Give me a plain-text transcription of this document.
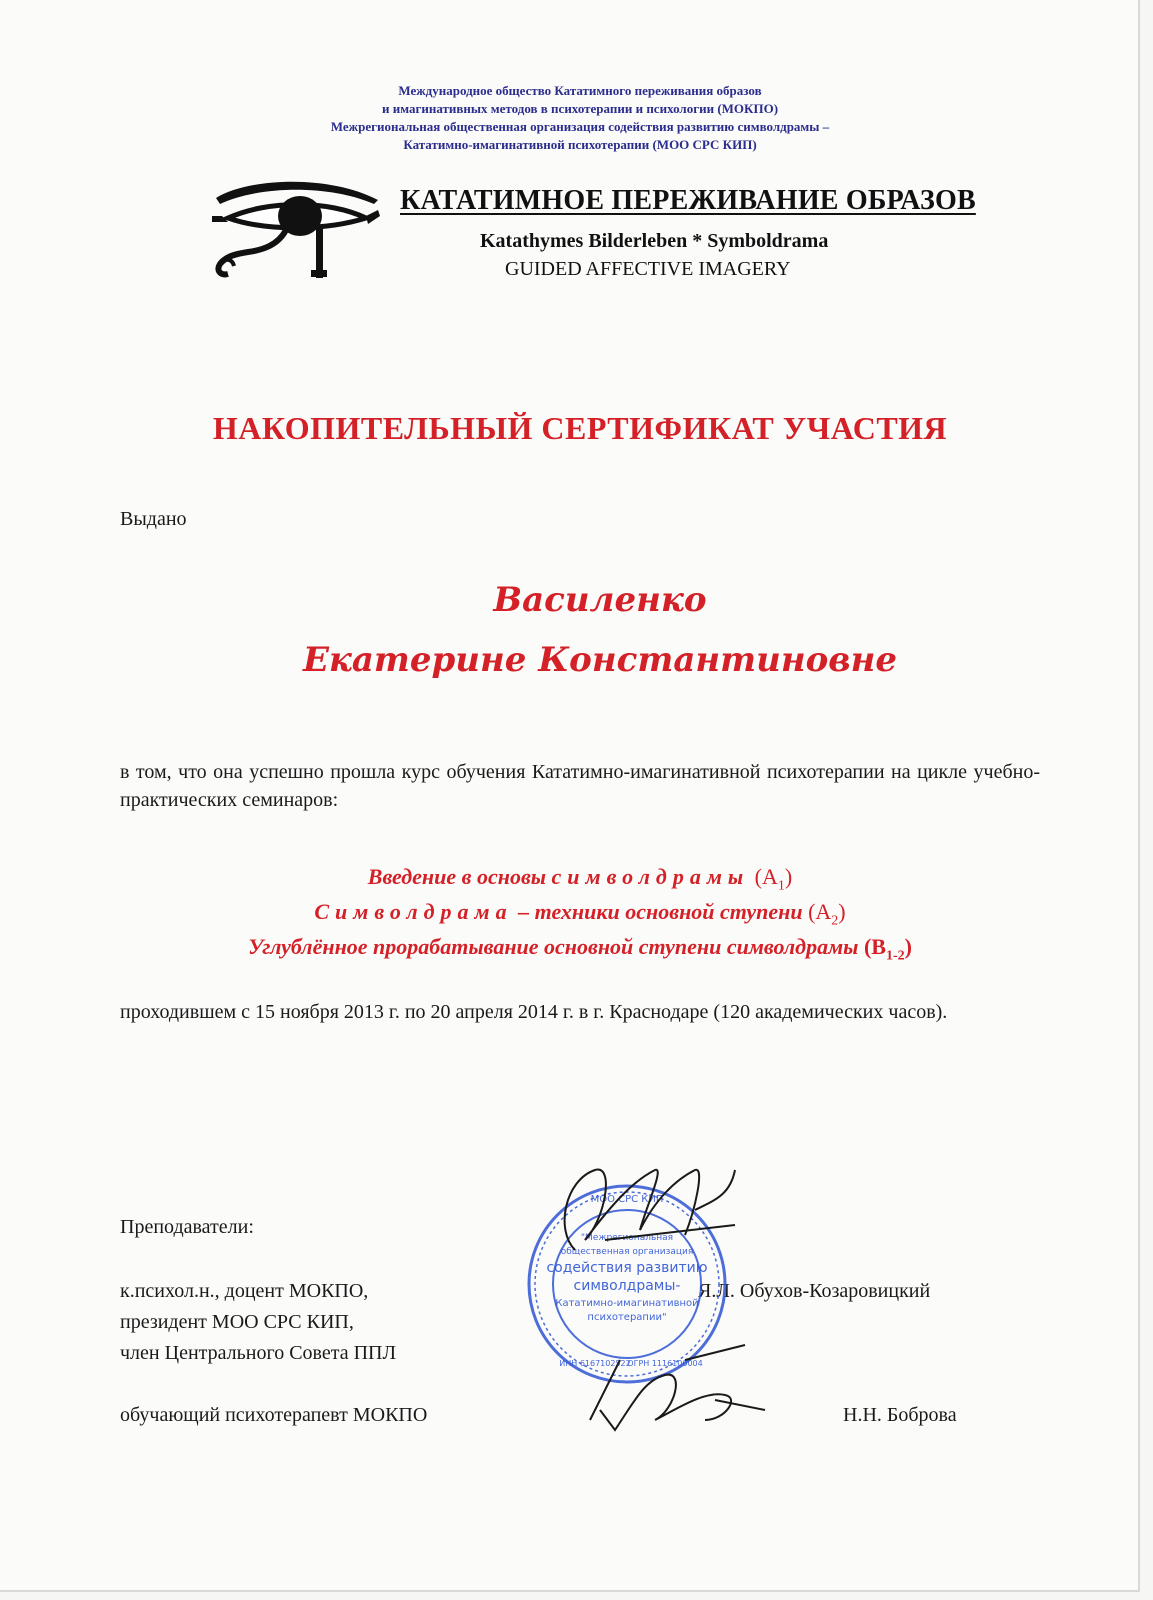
Международное общество Кататимного переживания образов
и имагинативных методов в психотерапии и психологии (МОКПО)
Межрегиональная общественная организация содействия развитию символдрамы –
Кататимно-имагинативной психотерапии (МОО СРС КИП)
КАТАТИМНОЕ ПЕРЕЖИВАНИЕ ОБРАЗОВ
Katathymes Bilderleben * Symboldrama
GUIDED AFFECTIVE IMAGERY
НАКОПИТЕЛЬНЫЙ СЕРТИФИКАТ УЧАСТИЯ
Выдано
Василенко
Екатерине Константиновне
в том, что она успешно прошла курс обучения Кататимно-имагинативной психотерапии на цикле учебно-практических семинаров:
Введение в основы символдрамы $(A_1)$
Символдрама – техники основной ступени $(A_2)$
Углублённое прорабатывание основной ступени символдрамы $(B_{1-2})$
проходившем с 15 ноября 2013 г. по 20 апреля 2014 г. в г. Краснодаре (120 академических часов).
Преподаватели:
к.психол.н., доцент МОКПО,
президент МОО СРС КИП,
член Центрального Совета ППЛ
Я.Л. Обухов-Козаровицкий
обучающий психотерапевт МОКПО	Н.Н. Боброва
МОО СРС КИП
"Межрегиональная
общественная организация
содействия развитию
символдрамы-
Кататимно-имагинативной
психотерапии"
ИНН 6167102522
ОГРН 1116100004
